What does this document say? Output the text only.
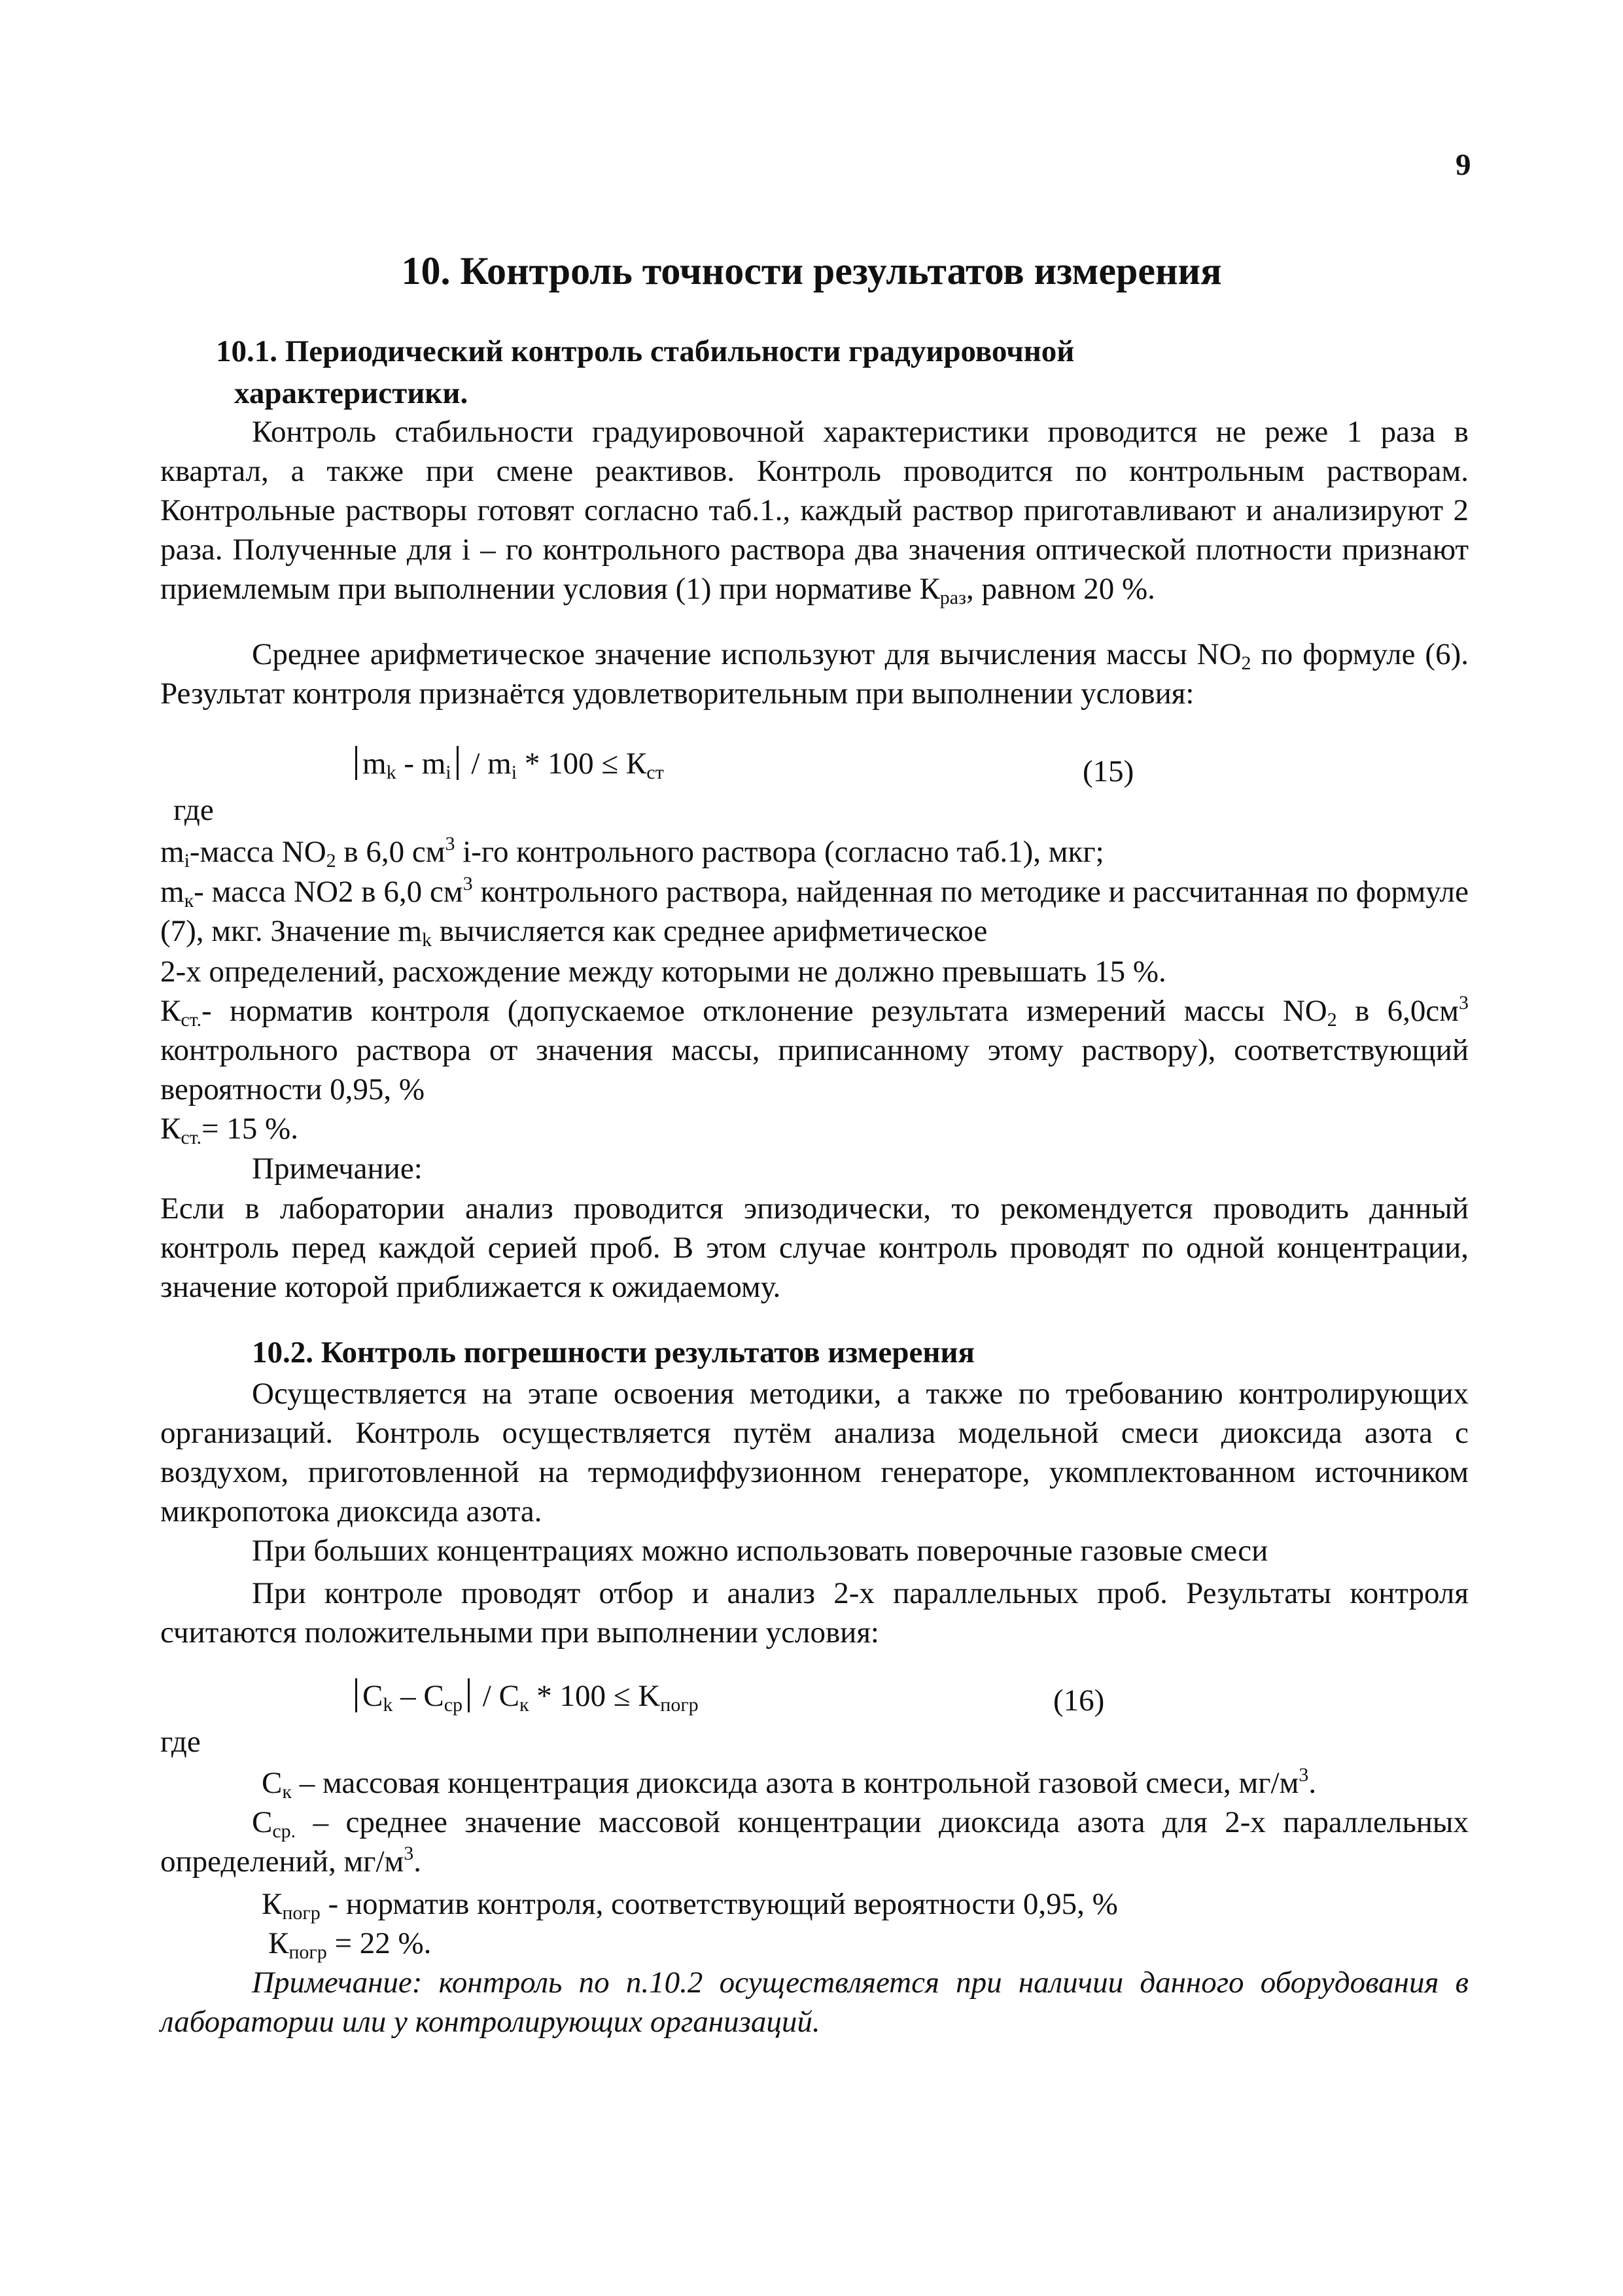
9
10. Контроль точности результатов измерения
10.1. Периодический контроль стабильности градуировочной
характеристики.
Контроль стабильности градуировочной характеристики проводится не реже 1 раза в квартал, а также при смене реактивов. Контроль проводится по контрольным растворам. Контрольные растворы готовят согласно таб.1., каждый раствор приготавливают и анализируют 2 раза. Полученные для i – го контрольного раствора два значения оптической плотности признают приемлемым при выполнении условия (1) при нормативе $К_{раз}$, равном 20 %.
Среднее арифметическое значение используют для вычисления массы $NO_2$ по формуле (6). Результат контроля признаётся удовлетворительным при выполнении условия:
$m_k - m_i / m_i * 100 \le К_{ст}$	(15)
где
$m_i$-масса $NO_2$ в 6,0 $см^3$ i-го контрольного раствора (согласно таб.1), мкг;
$m_к-$ масса NO2 в 6,0 $см^3$ контрольного раствора, найденная по методике и рассчитанная по формуле (7), мкг. Значение $m_k$ вычисляется как среднее арифметическое
2-х определений, расхождение между которыми не должно превышать 15 %.
$К_{ст.}-$ норматив контроля (допускаемое отклонение результата измерений массы $NO_2$ в $6,0см^3$ контрольного раствора от значения массы, приписанному этому раствору), соответствующий вероятности 0,95, %
$К_{ст.}= 15$ %.
Примечание:
Если в лаборатории анализ проводится эпизодически, то рекомендуется проводить данный контроль перед каждой серией проб. В этом случае контроль проводят по одной концентрации, значение которой приближается к ожидаемому.
10.2. Контроль погрешности результатов измерения
Осуществляется на этапе освоения методики, а также по требованию контролирующих организаций. Контроль осуществляется путём анализа модельной смеси диоксида азота с воздухом, приготовленной на термодиффузионном генераторе, укомплектованном источником микропотока диоксида азота.
При больших концентрациях можно использовать поверочные газовые смеси
При контроле проводят отбор и анализ 2-х параллельных проб. Результаты контроля считаются положительными при выполнении условия:
$C_k - C_{cp} / C_к * 100 \le K_{погр}$	(16)
где
$С_к$ – массовая концентрация диоксида азота в контрольной газовой смеси, $мг/м^3$.
$С_{ср.}$ – среднее значение массовой концентрации диоксида азота для 2-х параллельных определений, $мг/м^3$.
$К_{погр}$ - норматив контроля, соответствующий вероятности 0,95, %
$К_{погр} = 22$ %.
Примечание: контроль по п.10.2 осуществляется при наличии данного оборудования в лаборатории или у контролирующих организаций.
